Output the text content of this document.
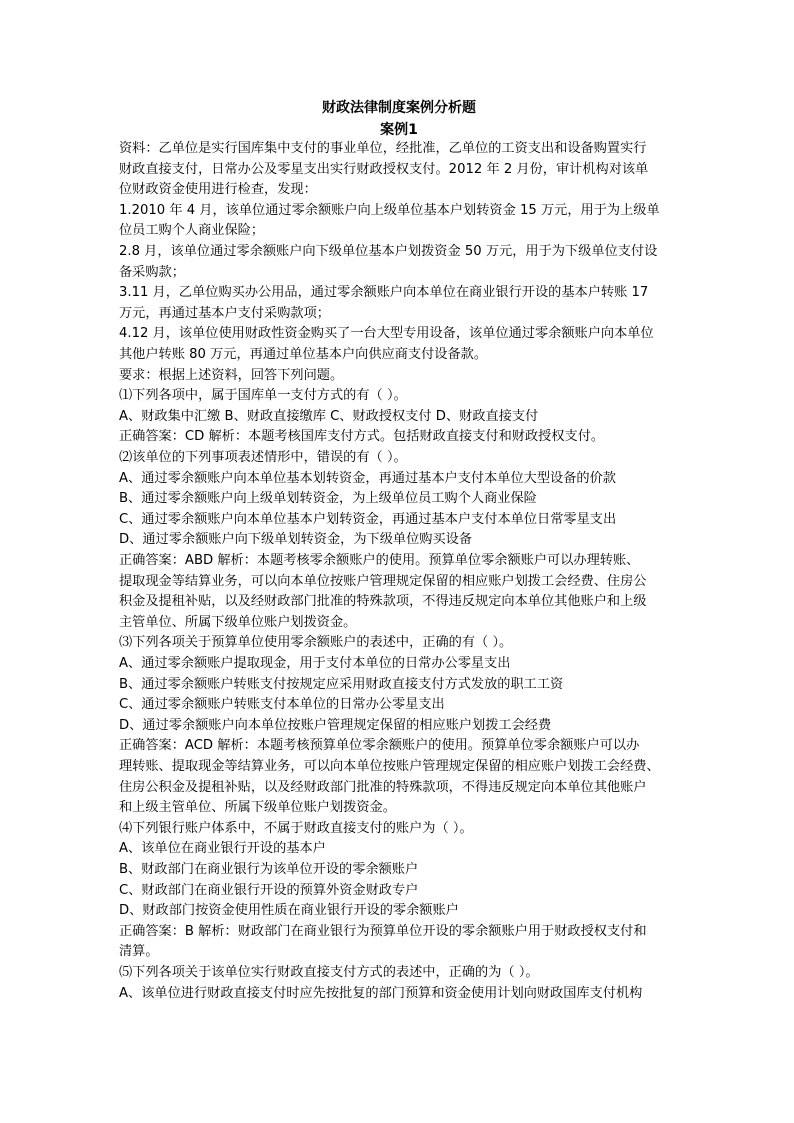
财政法律制度案例分析题
案例1
资料：乙单位是实行国库集中支付的事业单位，经批准，乙单位的工资支出和设备购置实行
财政直接支付，日常办公及零星支出实行财政授权支付。2012 年 2 月份，审计机构对该单
位财政资金使用进行检查，发现：
1.2010 年 4 月，该单位通过零余额账户向上级单位基本户划转资金 15 万元，用于为上级单
位员工购个人商业保险；
2.8 月，该单位通过零余额账户向下级单位基本户划拨资金 50 万元，用于为下级单位支付设
备采购款；
3.11 月，乙单位购买办公用品，通过零余额账户向本单位在商业银行开设的基本户转账 17
万元，再通过基本户支付采购款项；
4.12 月，该单位使用财政性资金购买了一台大型专用设备，该单位通过零余额账户向本单位
其他户转账 80 万元，再通过单位基本户向供应商支付设备款。
要求：根据上述资料，回答下列问题。
⑴下列各项中，属于国库单一支付方式的有（ ）。
A、财政集中汇缴 B、财政直接缴库 C、财政授权支付 D、财政直接支付
正确答案：CD 解析：本题考核国库支付方式。包括财政直接支付和财政授权支付。
⑵该单位的下列事项表述情形中，错误的有（ ）。
A、通过零余额账户向本单位基本划转资金，再通过基本户支付本单位大型设备的价款
B、通过零余额账户向上级单划转资金，为上级单位员工购个人商业保险
C、通过零余额账户向本单位基本户划转资金，再通过基本户支付本单位日常零星支出
D、通过零余额账户向下级单划转资金，为下级单位购买设备
正确答案：ABD 解析：本题考核零余额账户的使用。预算单位零余额账户可以办理转账、
提取现金等结算业务，可以向本单位按账户管理规定保留的相应账户划拨工会经费、住房公
积金及提租补贴，以及经财政部门批准的特殊款项，不得违反规定向本单位其他账户和上级
主管单位、所属下级单位账户划拨资金。
⑶下列各项关于预算单位使用零余额账户的表述中，正确的有（ ）。
A、通过零余额账户提取现金，用于支付本单位的日常办公零星支出
B、通过零余额账户转账支付按规定应采用财政直接支付方式发放的职工工资
C、通过零余额账户转账支付本单位的日常办公零星支出
D、通过零余额账户向本单位按账户管理规定保留的相应账户划拨工会经费
正确答案：ACD 解析：本题考核预算单位零余额账户的使用。预算单位零余额账户可以办
理转账、提取现金等结算业务，可以向本单位按账户管理规定保留的相应账户划拨工会经费、
住房公积金及提租补贴，以及经财政部门批准的特殊款项，不得违反规定向本单位其他账户
和上级主管单位、所属下级单位账户划拨资金。
⑷下列银行账户体系中，不属于财政直接支付的账户为（ ）。
A、该单位在商业银行开设的基本户
B、财政部门在商业银行为该单位开设的零余额账户
C、财政部门在商业银行开设的预算外资金财政专户
D、财政部门按资金使用性质在商业银行开设的零余额账户
正确答案：B 解析：财政部门在商业银行为预算单位开设的零余额账户用于财政授权支付和
清算。
⑸下列各项关于该单位实行财政直接支付方式的表述中，正确的为（ ）。
A、该单位进行财政直接支付时应先按批复的部门预算和资金使用计划向财政国库支付机构
